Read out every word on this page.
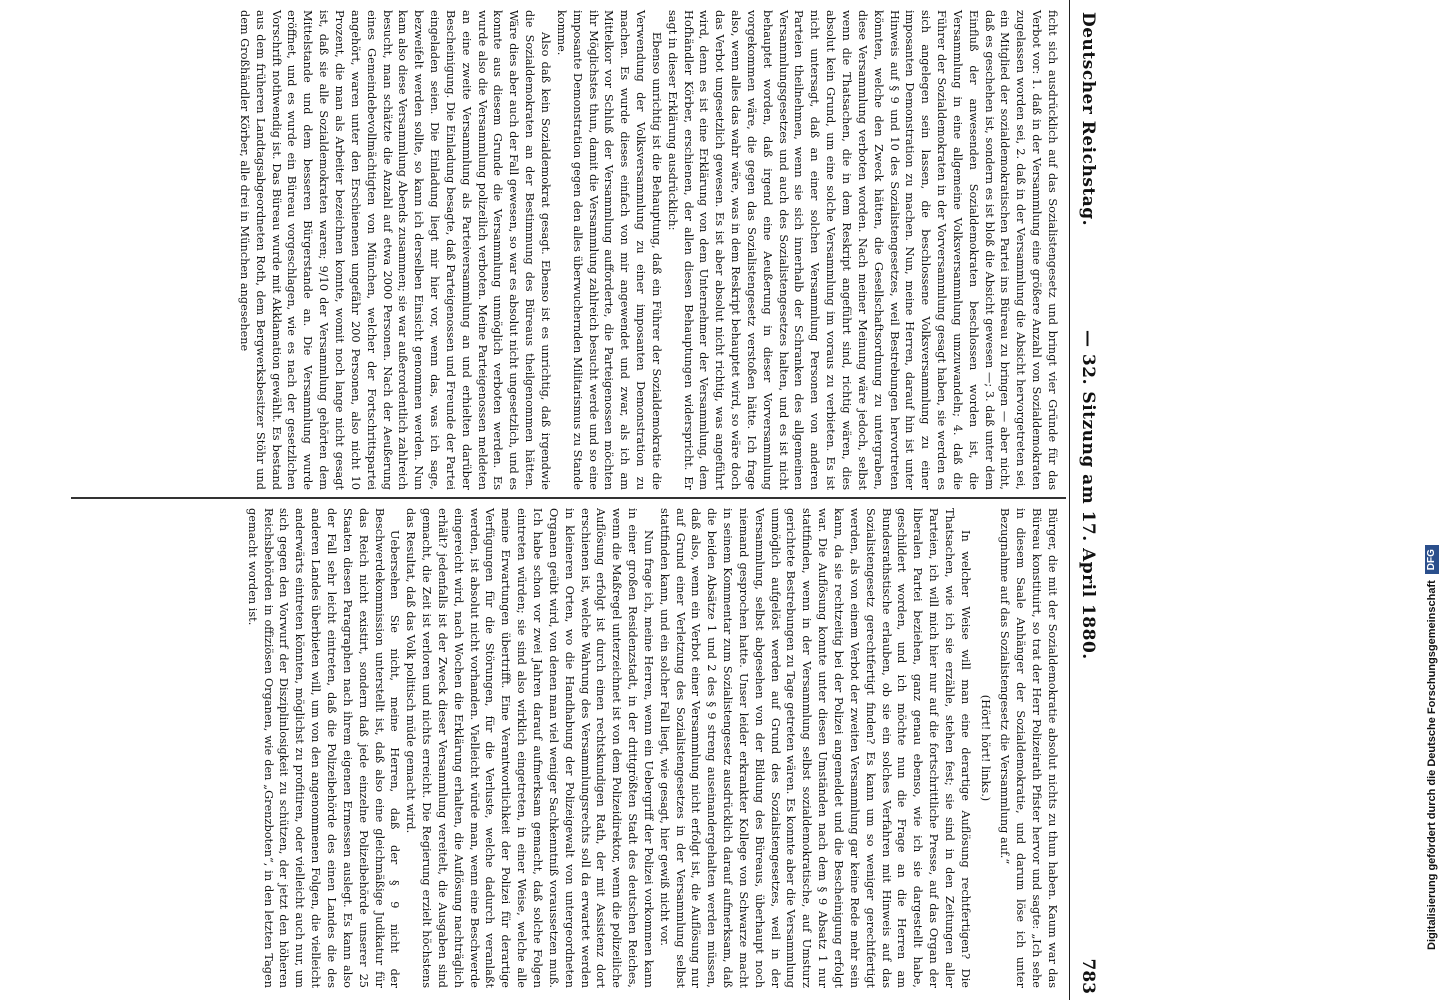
Deutscher Reichstag.
— 32. Sitzung am 17. April 1880.
783

ficht sich ausdrücklich auf das Sozialistengesetz und bringt vier Gründe für das Verbot vor: 1. daß in der Versammlung eine größere Anzahl von Sozialdemokraten zugelassen worden sei, 2. daß in der Versammlung die Absicht hervorgetreten sei, ein Mitglied der sozialdemokratischen Partei ins Büreau zu bringen — aber nicht, daß es geschehen ist, sondern es ist bloß die Absicht gewesen —; 3. daß unter dem Einfluß der anwesenden Sozialdemokraten beschlossen worden ist, die Versammlung in eine allgemeine Volksversammlung umzuwandeln; 4. daß die Führer der Sozialdemokraten in der Vorversammlung gesagt haben, sie werden es sich angelegen sein lassen, die beschlossene Volksversammlung zu einer imposanten Demonstration zu machen. Nun, meine Herren, darauf hin ist unter Hinweis auf § 9 und 10 des Sozialistengesetzes, weil Bestrebungen hervortreten könnten, welche den Zweck hätten, die Gesellschaftsordnung zu untergraben, diese Versammlung verboten worden. Nach meiner Meinung wäre jedoch, selbst wenn die Thatsachen, die in dem Reskript angeführt sind, richtig wären, dies absolut kein Grund, um eine solche Versammlung im voraus zu verbieten. Es ist nicht untersagt, daß an einer solchen Versammlung Personen von anderen Parteien theilnehmen, wenn sie sich innerhalb der Schranken des allgemeinen Versammlungsgesetzes und auch des Sozialistengesetzes halten, und es ist nicht behauptet worden, daß irgend eine Aeußerung in dieser Vorversammlung vorgekommen wäre, die gegen das Sozialistengesetz verstoßen hätte. Ich frage also, wenn alles das wahr wäre, was in dem Reskript behauptet wird, so wäre doch das Verbot ungesetzlich gewesen. Es ist aber absolut nicht richtig, was angeführt wird, denn es ist eine Erklärung von dem Unternehmer der Versammlung, dem Hofhändler Körber, erschienen, der allen diesen Behauptungen widerspricht. Er sagt in dieser Erklärung ausdrücklich:

Ebenso unrichtig ist die Behauptung, daß ein Führer der Sozialdemokratie die Verwendung der Volksversammlung zu einer imposanten Demonstration zu machen. Es wurde dieses einfach von mir angewendet und zwar, als ich am Mittelkor vor Schluß der Versammlung aufforderte, die Parteigenossen möchten ihr Möglichstes thun, damit die Versammlung zahlreich besucht werde und so eine imposante Demonstration gegen den alles überwuchernden Militarismus zu Stande komme.

Also daß kein Sozialdemokrat gesagt. Ebenso ist es unrichtig, daß irgendwie die Sozialdemokraten an der Bestimmung des Büreaus theilgenommen hätten. Wäre dies aber auch der Fall gewesen, so war es absolut nicht ungesetzlich, und es konnte aus diesem Grunde die Versammlung unmöglich verboten werden. Es wurde also die Versammlung polizeilich verboten. Meine Parteigenossen meldeten an eine zweite Versammlung als Parteiversammlung an und erhielten darüber Bescheinigung. Die Einladung besagte, daß Parteigenossen und Freunde der Partei eingeladen seien. Die Einladung liegt mir hier vor, wenn das, was ich sage, bezweifelt werden sollte, so kann ich derselben Einsicht genommen werden. Nun kam also diese Versammlung Abends zusammen; sie war außerordentlich zahlreich besucht, man schätzte die Anzahl auf etwa 2000 Personen. Nach der Aeußerung eines Gemeindebevollmächtigten von München, welcher der Fortschrittspartei angehört, waren unter den Erschienenen ungefähr 200 Personen, also nicht 10 Prozent, die man als Arbeiter bezeichnen konnte, womit noch lange nicht gesagt ist, daß sie alle Sozialdemokraten waren; 9/10 der Versammlung gehörten dem Mittelstande und dem besseren Bürgerstande an. Die Versammlung wurde eröffnet, und es wurde ein Büreau vorgeschlagen, wie es nach der gesetzlichen Vorschrift nothwendig ist. Das Büreau wurde mit Akklamation gewählt. Es bestand aus dem früheren Landtagsabgeordneten Roth, dem Bergwerksbesitzer Stöhr und dem Großhändler Körber, alle drei in München angesehene

Bürger, die mit der Sozialdemokratie absolut nichts zu thun haben. Kaum war das Büreau konstituirt, so trat der Herr Polizeirath Pfister hervor und sagte: „Ich sehe in diesem Saale Anhänger der Sozialdemokratie, und darum löse ich unter Bezugnahme auf das Sozialistengesetz die Versammlung auf.“

(Hört! hört! links.)

In welcher Weise will man eine derartige Auflösung rechtfertigen? Die Thatsachen, wie ich sie erzähle, stehen fest; sie sind in den Zeitungen aller Parteien, ich will mich hier nur auf die fortschrittliche Presse, auf das Organ der liberalen Partei beziehen, ganz genau ebenso, wie ich sie dargestellt habe, geschildert worden, und ich möchte nun die Frage an die Herren am Bundesrathstische erlauben, ob sie ein solches Verfahren mit Hinweis auf das Sozialistengesetz gerechtfertigt finden? Es kann um so weniger gerechtfertigt werden, als von einem Verbot der zweiten Versammlung gar keine Rede mehr sein kann, da sie rechtzeitig bei der Polizei angemeldet und die Bescheinigung erfolgt war. Die Auflösung konnte unter diesen Umständen nach dem § 9 Absatz 1 nur stattfinden, wenn in der Versammlung selbst sozialdemokratische, auf Umsturz gerichtete Bestrebungen zu Tage getreten wären. Es konnte aber die Versammlung unmöglich aufgelöst werden auf Grund des Sozialistengesetzes, weil in der Versammlung, selbst abgesehen von der Bildung des Büreaus, überhaupt noch niemand gesprochen hatte. Unser leider erkrankter Kollege von Schwarze macht in seinem Kommentar zum Sozialistengesetz ausdrücklich darauf aufmerksam, daß die beiden Absätze 1 und 2 des § 9 streng auseinandergehalten werden müssen, daß also, wenn ein Verbot einer Versammlung nicht erfolgt ist, die Auflösung nur auf Grund einer Verletzung des Sozialistengesetzes in der Versammlung selbst stattfinden kann, und ein solcher Fall liegt, wie gesagt, hier gewiß nicht vor.

Nun frage ich, meine Herren, wenn ein Uebergriff der Polizei vorkommen kann in einer großen Residenzstadt, in der drittgrößten Stadt des deutschen Reiches, wenn die Maßregel unterzeichnet ist von dem Polizeidirektor, wenn die polizeiliche Auflösung erfolgt ist durch einen rechtskundigen Rath, der mit Assistenz dort erschienen ist, welche Wahrung des Versammlungsrechts soll da erwartet werden in kleineren Orten, wo die Handhabung der Polizeigewalt von untergeordneten Organen geübt wird, von denen man viel weniger Sachkenntniß voraussetzen muß. Ich habe schon vor zwei Jahren darauf aufmerksam gemacht, daß solche Folgen eintreten würden; sie sind also wirklich eingetreten, in einer Weise, welche alle meine Erwartungen übertrifft. Eine Verantwortlichkeit der Polizei für derartige Verfügungen für die Störungen, für die Verluste, welche dadurch veranlaßt werden, ist absolut nicht vorhanden. Vielleicht würde man, wenn eine Beschwerde eingereicht wird, nach Wochen die Erklärung erhalten, die Auflösung nachträglich erhält? jedenfalls ist der Zweck dieser Versammlung vereitelt, die Ausgaben sind gemacht, die Zeit ist verloren und nichts erreicht. Die Regierung erzielt höchstens das Resultat, daß das Volk politisch müde gemacht wird.

Uebersehen Sie nicht, meine Herren, daß der § 9 nicht der Beschwerdekommission unterstellt ist, daß also eine gleichmäßige Judikatur für das Reich nicht existirt, sondern daß jede einzelne Polizeibehörde unserer 25 Staaten diesen Paragraphen nach ihrem eigenen Ermessen auslegt. Es kann also der Fall sehr leicht eintreten, daß die Polizeibehörde des einen Landes die des anderen Landes überbieten will, um von den angenommenen Folgen, die vielleicht anderwärts eintreten könnten, möglichst zu profitiren, oder vielleicht auch nur, um sich gegen den Vorwurf der Disziplinlosigkeit zu schützen, der jetzt den höheren Reichsbehörden in offiziösen Organen, wie den „Grenzboten“, in den letzten Tagen gemacht worden ist.

Digitalisierung gefördert durch die Deutsche ForschungsgemeinschaftDFG
